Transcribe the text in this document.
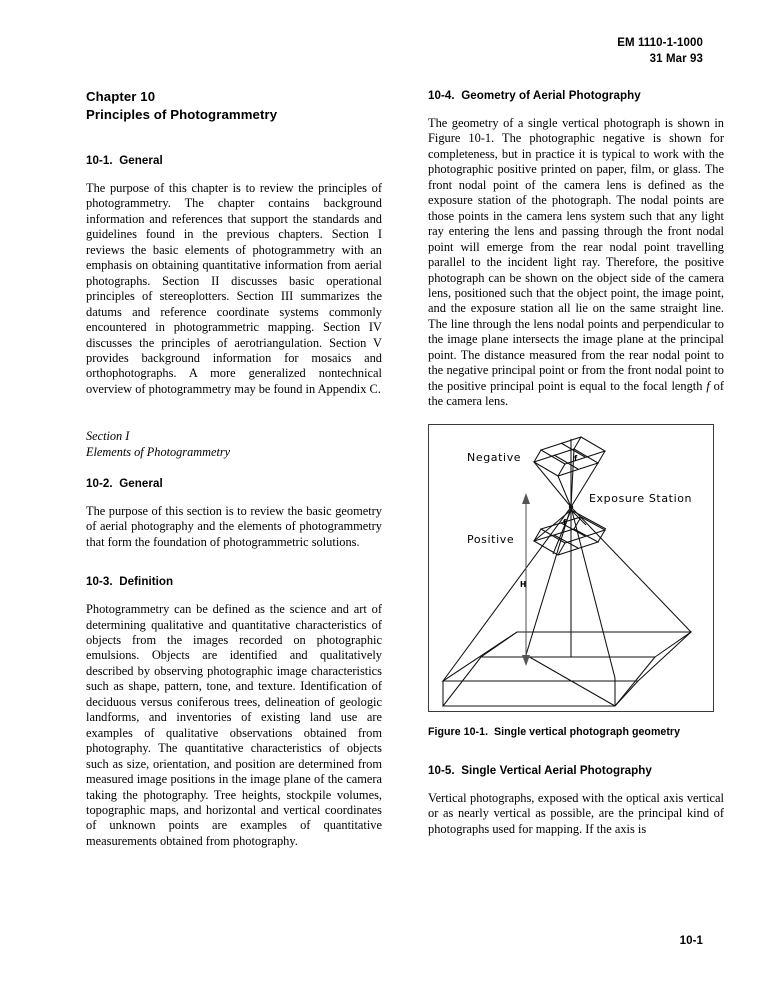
EM 1110-1-1000
31 Mar 93
Chapter 10
Principles of Photogrammetry
10-1.  General

The purpose of this chapter is to review the principles of photogrammetry. The chapter contains background information and references that support the standards and guidelines found in the previous chapters. Section I reviews the basic elements of photogrammetry with an emphasis on obtaining quantitative information from aerial photographs. Section II discusses basic operational principles of stereoplotters. Section III summarizes the datums and reference coordinate systems commonly encountered in photogrammetric mapping. Section IV discusses the principles of aerotriangulation. Section V provides background information for mosaics and orthophotographs. A more generalized nontechnical overview of photogrammetry may be found in Appendix C.

Section I
Elements of Photogrammetry
10-2.  General

The purpose of this section is to review the basic geometry of aerial photography and the elements of photogrammetry that form the foundation of photogrammetric solutions.

10-3.  Definition

Photogrammetry can be defined as the science and art of determining qualitative and quantitative characteristics of objects from the images recorded on photographic emulsions. Objects are identified and qualitatively described by observing photographic image characteristics such as shape, pattern, tone, and texture. Identification of deciduous versus coniferous trees, delineation of geologic landforms, and inventories of existing land use are examples of qualitative observations obtained from photography. The quantitative characteristics of objects such as size, orientation, and position are determined from measured image positions in the image plane of the camera taking the photography. Tree heights, stockpile volumes, topographic maps, and horizontal and vertical coordinates of unknown points are examples of quantitative measurements obtained from photography.

10-4.  Geometry of Aerial Photography

The geometry of a single vertical photograph is shown in Figure 10-1. The photographic negative is shown for completeness, but in practice it is typical to work with the photographic positive printed on paper, film, or glass. The front nodal point of the camera lens is defined as the exposure station of the photograph. The nodal points are those points in the camera lens system such that any light ray entering the lens and passing through the front nodal point will emerge from the rear nodal point travelling parallel to the incident light ray. Therefore, the positive photograph can be shown on the object side of the camera lens, positioned such that the object point, the image point, and the exposure station all lie on the same straight line. The line through the lens nodal points and perpendicular to the image plane intersects the image plane at the principal point. The distance measured from the rear nodal point to the negative principal point or from the front nodal point to the positive principal point is equal to the focal length f of the camera lens.

Negative
Exposure Station
Positive
f
f
H
Figure 10-1.  Single vertical photograph geometry
10-5.  Single Vertical Aerial Photography

Vertical photographs, exposed with the optical axis vertical or as nearly vertical as possible, are the principal kind of photographs used for mapping. If the axis is

10-1
